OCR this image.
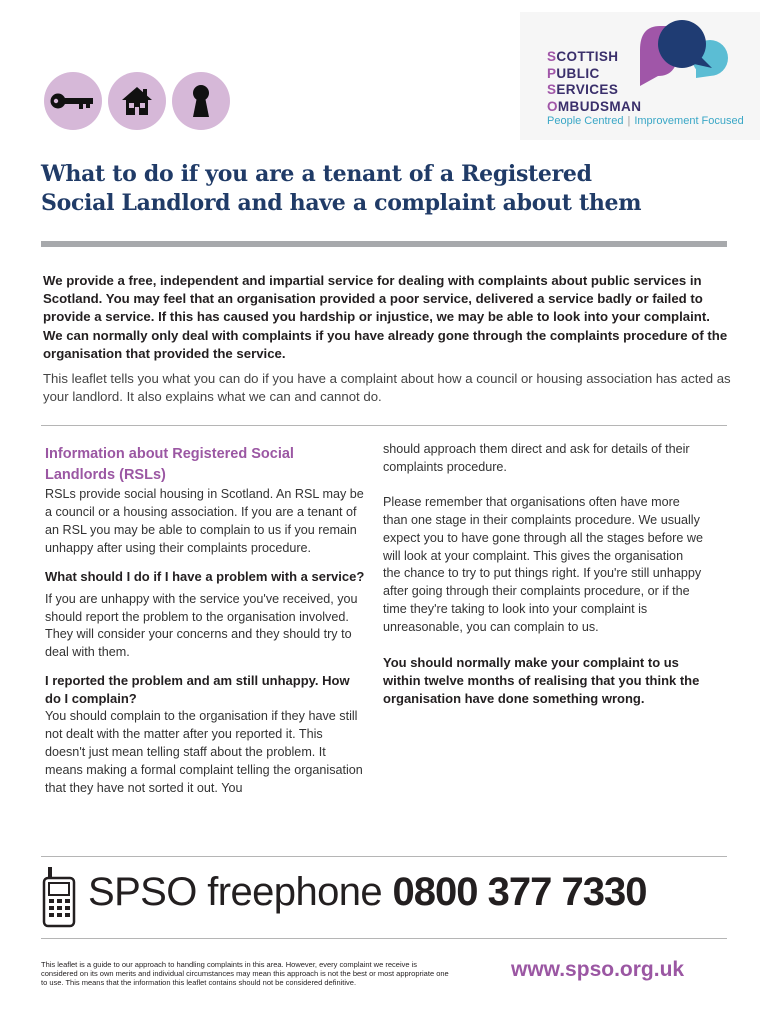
SCOTTISH
PUBLIC
SERVICES
OMBUDSMAN
People Centred | Improvement Focused
What to do if you are a tenant of a Registered
Social Landlord and have a complaint about them

We provide a free, independent and impartial service for dealing with complaints about public services in Scotland. You may feel that an organisation provided a poor service, delivered a service badly or failed to provide a service. If this has caused you hardship or injustice, we may be able to look into your complaint. We can normally only deal with complaints if you have already gone through the complaints procedure of the organisation that provided the service.

This leaflet tells you what you can do if you have a complaint about how a council or housing association has acted as your landlord. It also explains what we can and cannot do.

Information about Registered Social Landlords (RSLs)

RSLs provide social housing in Scotland. An RSL may be a council or a housing association. If you are a tenant of an RSL you may be able to complain to us if you remain unhappy after using their complaints procedure.

What should I do if I have a problem with a service?

If you are unhappy with the service you've received, you should report the problem to the organisation involved. They will consider your concerns and they should try to deal with them.

I reported the problem and am still unhappy. How do I complain?

You should complain to the organisation if they have still not dealt with the matter after you reported it. This doesn't just mean telling staff about the problem. It means making a formal complaint telling the organisation that they have not sorted it out. You

should approach them direct and ask for details of their complaints procedure.

Please remember that organisations often have more than one stage in their complaints procedure. We usually expect you to have gone through all the stages before we will look at your complaint. This gives the organisation the chance to try to put things right. If you're still unhappy after going through their complaints procedure, or if the time they're taking to look into your complaint is unreasonable, you can complain to us.

You should normally make your complaint to us within twelve months of realising that you think the organisation have done something wrong.

SPSO freephone 0800 377 7330

This leaflet is a guide to our approach to handling complaints in this area. However, every complaint we receive is considered on its own merits and individual circumstances may mean this approach is not the best or most appropriate one to use. This means that the information this leaflet contains should not be considered definitive.

www.spso.org.uk
